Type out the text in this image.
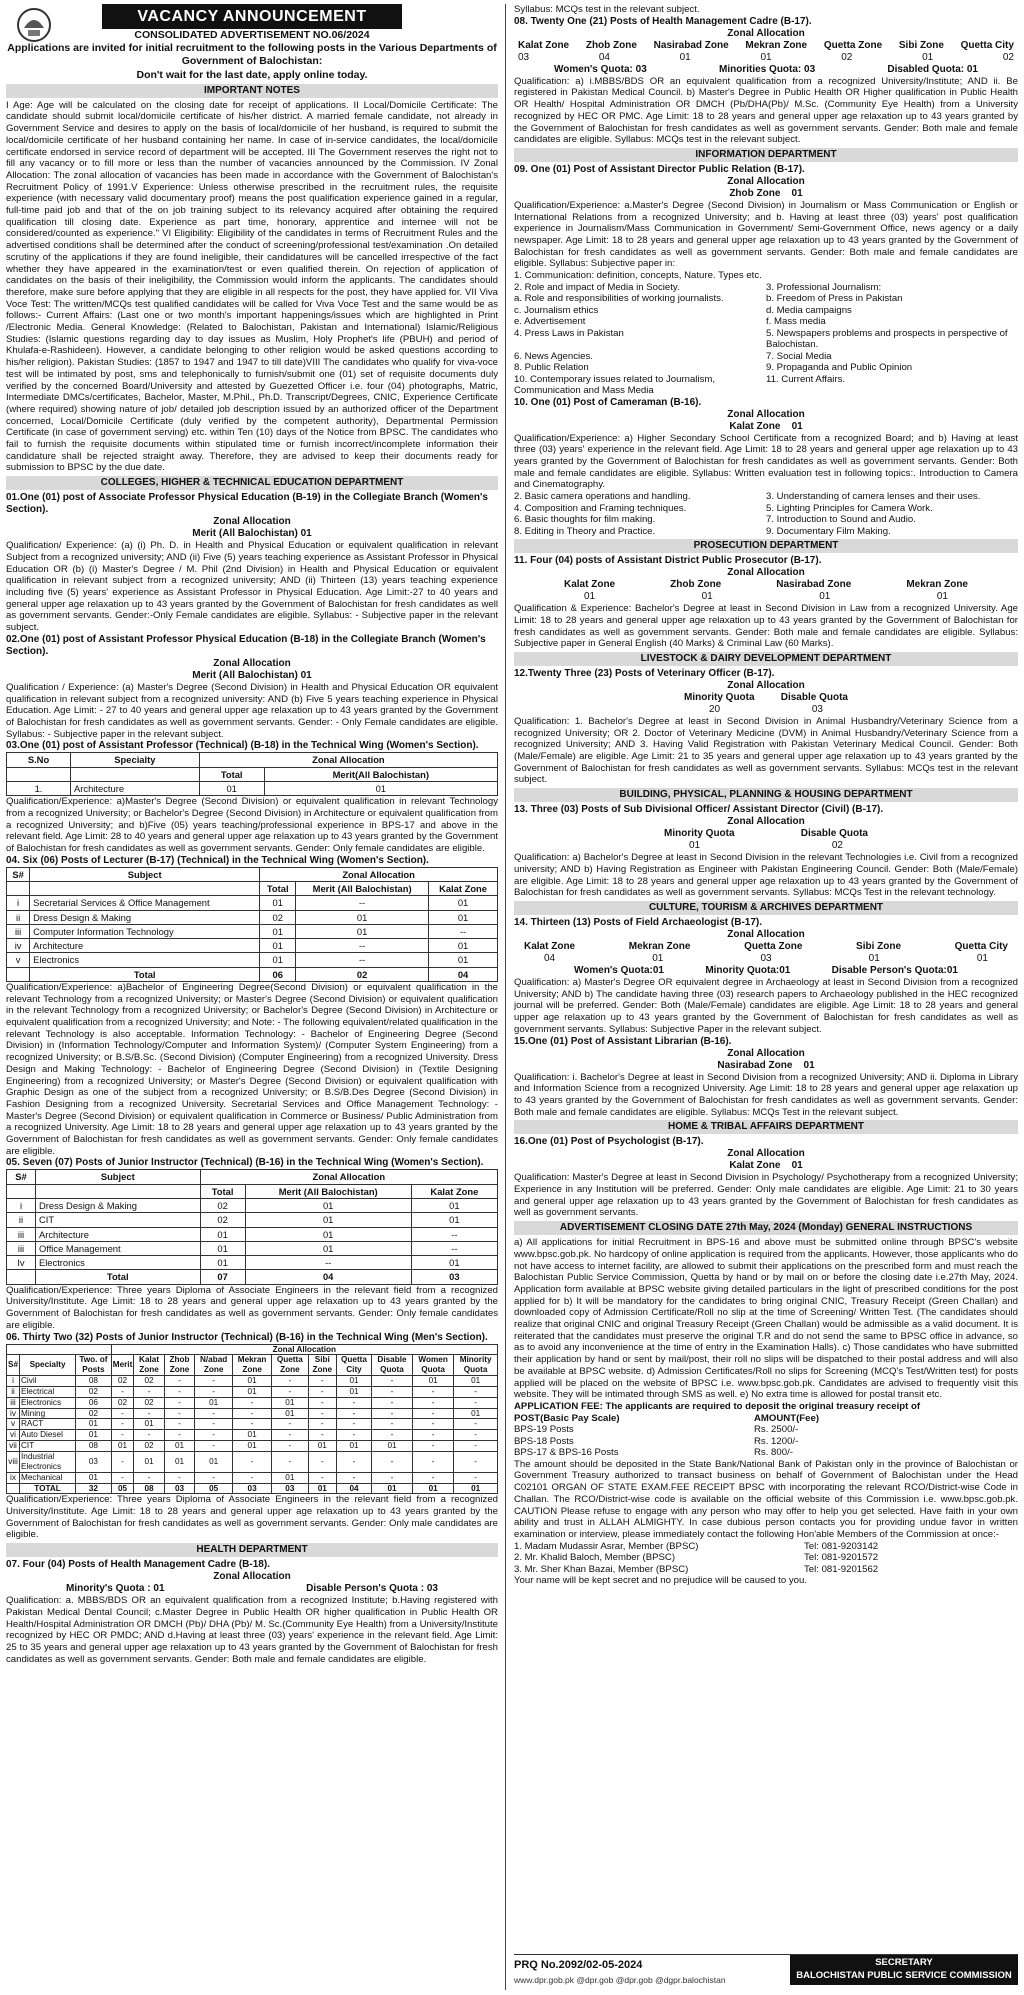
VACANCY ANNOUNCEMENT
CONSOLIDATED ADVERTISEMENT NO.06/2024
Applications are invited for initial recruitment to the following posts in the Various Departments of Government of Balochistan:
Don't wait for the last date, apply online today.
IMPORTANT NOTES

I Age: Age will be calculated on the closing date for receipt of applications. II Local/Domicile Certificate: The candidate should submit local/domicile certificate of his/her district. A married female candidate, not already in Government Service and desires to apply on the basis of local/domicile of her husband, is required to submit the local/domicile certificate of her husband containing her name. In case of in-service candidates, the local/domicile certificate endorsed in service record of department will be accepted. III The Government reserves the right not to fill any vacancy or to fill more or less than the number of vacancies announced by the Commission. IV Zonal Allocation: The zonal allocation of vacancies has been made in accordance with the Government of Balochistan's Recruitment Policy of 1991.V Experience: Unless otherwise prescribed in the recruitment rules, the requisite experience (with necessary valid documentary proof) means the post qualification experience gained in a regular, full-time paid job and that of the on job training subject to its relevancy acquired after obtaining the required qualification till closing date. Experience as part time, honorary, apprentice and internee will not be considered/counted as experience." VI Eligibility: Eligibility of the candidates in terms of Recruitment Rules and the advertised conditions shall be determined after the conduct of screening/professional test/examination .On detailed scrutiny of the applications if they are found ineligible, their candidatures will be cancelled irrespective of the fact whether they have appeared in the examination/test or even qualified therein. On rejection of application of candidates on the basis of their ineligibility, the Commission would inform the applicants. The candidates should therefore, make sure before applying that they are eligible in all respects for the post, they have applied for. VII Viva Voce Test: The written/MCQs test qualified candidates will be called for Viva Voce Test and the same would be as follows:- Current Affairs: (Last one or two month's important happenings/issues which are highlighted in Print /Electronic Media. General Knowledge: (Related to Balochistan, Pakistan and International) Islamic/Religious Studies: (Islamic questions regarding day to day issues as Muslim, Holy Prophet's life (PBUH) and period of Khulafa-e-Rashideen). However, a candidate belonging to other religion would be asked questions according to his/her religion). Pakistan Studies: (1857 to 1947 and 1947 to till date)VIII The candidates who qualify for viva-voce test will be intimated by post, sms and telephonically to furnish/submit one (01) set of requisite documents duly verified by the concerned Board/University and attested by Guezetted Officer i.e. four (04) photographs, Matric, Intermediate DMCs/certificates, Bachelor, Master, M.Phil., Ph.D. Transcript/Degrees, CNIC, Experience Certificate (where required) showing nature of job/ detailed job description issued by an authorized officer of the Department concerned, Local/Domicile Certificate (duly verified by the competent authority), Departmental Permission Certificate (in case of government serving) etc. within Ten (10) days of the Notice from BPSC. The candidates who fail to furnish the requisite documents within stipulated time or furnish incorrect/incomplete information their candidature shall be rejected straight away. Therefore, they are advised to keep their documents ready for submission to BPSC by the due date.

COLLEGES, HIGHER & TECHNICAL EDUCATION DEPARTMENT
01.One (01) post of Associate Professor Physical Education (B-19) in the Collegiate Branch (Women's Section).
Zonal Allocation
Merit (All Balochistan) 01

Qualification/ Experience: (a) (i) Ph. D. in Health and Physical Education or equivalent qualification in relevant Subject from a recognized university; AND (ii) Five (5) years teaching experience as Assistant Professor in Physical Education OR (b) (i) Master's Degree / M. Phil (2nd Division) in Health and Physical Education or equivalent qualification in relevant subject from a recognized university; AND (ii) Thirteen (13) years teaching experience including five (5) years' experience as Assistant Professor in Physical Education. Age Limit:-27 to 40 years and general upper age relaxation up to 43 years granted by the Government of Balochistan for fresh candidates as well as government servants. Gender:-Only Female candidates are eligible. Syllabus: - Subjective paper in the relevant subject.

02.One (01) post of Assistant Professor Physical Education (B-18) in the Collegiate Branch (Women's Section).
Zonal Allocation
Merit (All Balochistan) 01

Qualification / Experience: (a) Master's Degree (Second Division) in Health and Physical Education OR equivalent qualification in relevant subject from a recognized university: AND (b) Five 5 years teaching experience in Physical Education. Age Limit: - 27 to 40 years and general upper age relaxation up to 43 years granted by the Government of Balochistan for fresh candidates as well as government servants. Gender: - Only Female candidates are eligible. Syllabus: - Subjective paper in the relevant subject.

03.One (01) post of Assistant Professor (Technical) (B-18) in the Technical Wing (Women's Section).
S.No	Specialty	Zonal Allocation	
		Total	Merit(All Balochistan)
1.	Architecture	01	01

Qualification/Experience: a)Master's Degree (Second Division) or equivalent qualification in relevant Technology from a recognized University; or Bachelor's Degree (Second Division) in Architecture or equivalent qualification from a recognized University; and b)Five (05) years teaching/professional experience in BPS-17 and above in the relevant field. Age Limit: 28 to 40 years and general upper age relaxation up to 43 years granted by the Government of Balochistan for fresh candidates as well as government servants. Gender: Only female candidates are eligible.

04. Six (06) Posts of Lecturer (B-17) (Technical) in the Technical Wing (Women's Section).
S#	Subject	Zonal Allocation		
		Total	Merit (All Balochistan)	Kalat Zone
i	Secretarial Services & Office Management	01	--	01
ii	Dress Design & Making	02	01	01
iii	Computer Information Technology	01	01	--
iv	Architecture	01	--	01
v	Electronics	01	--	01
	Total	06	02	04

Qualification/Experience: a)Bachelor of Engineering Degree(Second Division) or equivalent qualification in the relevant Technology from a recognized University; or Master's Degree (Second Division) or equivalent qualification in the relevant Technology from a recognized University; or Bachelor's Degree (Second Division) in Architecture or equivalent qualification from a recognized University; and Note: - The following equivalent/related qualification in the relevant Technology is also acceptable. Information Technology: - Bachelor of Engineering Degree (Second Division) in (Information Technology/Computer and Information System)/ (Computer System Engineering) from a recognized University; or B.S/B.Sc. (Second Division) (Computer Engineering) from a recognized University. Dress Design and Making Technology: - Bachelor of Engineering Degree (Second Division) in (Textile Designing Engineering) from a recognized University; or Master's Degree (Second Division) or equivalent qualification with Graphic Design as one of the subject from a recognized University; or B.S/B.Des Degree (Second Division) in Fashion Designing from a recognized University. Secretarial Services and Office Management Technology: - Master's Degree (Second Division) or equivalent qualification in Commerce or Business/ Public Administration from a recognized University. Age Limit: 18 to 28 years and general upper age relaxation up to 43 years granted by the Government of Balochistan for fresh candidates as well as government servants. Gender: Only female candidates are eligible.

05. Seven (07) Posts of Junior Instructor (Technical) (B-16) in the Technical Wing (Women's Section).
S#	Subject	Zonal Allocation		
		Total	Merit (All Balochistan)	Kalat Zone
i	Dress Design & Making	02	01	01
ii	CIT	02	01	01
iii	Architecture	01	01	--
iii	Office Management	01	01	--
Iv	Electronics	01	--	01
	Total	07	04	03

Qualification/Experience: Three years Diploma of Associate Engineers in the relevant field from a recognized University/Institute. Age Limit: 18 to 28 years and general upper age relaxation up to 43 years granted by the Government of Balochistan for fresh candidates as well as government servants. Gender: Only female candidates are eligible.

06. Thirty Two (32) Posts of Junior Instructor (Technical) (B-16) in the Technical Wing (Men's Section).
			Zonal Allocation										
S#	Specialty	Two. of Posts	Merit	Kalat Zone	Zhob Zone	N/abad Zone	Mekran Zone	Quetta Zone	Sibi Zone	Quetta City	Disable Quota	Women Quota	Minority Quota
i	Civil	08	02	02	-	-	01	-	-	01	-	01	01
ii	Electrical	02	-	-	-	-	01	-	-	01	-	-	-
iii	Electronics	06	02	02	-	01	-	01	-	-	-	-	-
iv	Mining	02	-	-	-	-	-	01	-	-	-	-	01
v	RACT	01	-	01	-	-	-	-	-	-	-	-	-
vi	Auto Diesel	01	-	-	-	-	01	-	-	-	-	-	-
vii	CIT	08	01	02	01	-	01	-	01	01	01	-	-
viii	Industrial Electronics	03	-	01	01	01	-	-	-	-	-	-	-
ix	Mechanical	01	-	-	-	-	-	01	-	-	-	-	-
	TOTAL	32	05	08	03	05	03	03	01	04	01	01	01

Qualification/Experience: Three years Diploma of Associate Engineers in the relevant field from a recognized University/Institute. Age Limit: 18 to 28 years and general upper age relaxation up to 43 years granted by the Government of Balochistan for fresh candidates as well as government servants. Gender: Only male candidates are eligible.

HEALTH DEPARTMENT
07. Four (04) Posts of Health Management Cadre (B-18).
Zonal Allocation
Minority's Quota : 01	Disable Person's Quota : 03

Qualification: a. MBBS/BDS OR an equivalent qualification from a recognized Institute; b.Having registered with Pakistan Medical Dental Council; c.Master Degree in Public Health OR higher qualification in Public Health OR Health/Hospital Administration OR DMCH (Pb)/ DHA (Pb)/ M. Sc.(Community Eye Health) from a University/Institute recognized by HEC OR PMDC; AND d.Having at least three (03) years' experience in the relevant field. Age Limit: 25 to 35 years and general upper age relaxation up to 43 years granted by the Government of Balochistan for fresh candidates as well as government servants. Gender: Both male and female candidates are eligible.

Syllabus: MCQs test in the relevant subject.

08. Twenty One (21) Posts of Health Management Cadre (B-17).
Zonal Allocation
Kalat Zone Zhob Zone Nasirabad Zone Mekran Zone Quetta Zone Sibi Zone Quetta City
03	04	01	01	02	01	02
Women's Quota: 03	Minorities Quota: 03	Disabled Quota: 01

Qualification: a) i.MBBS/BDS OR an equivalent qualification from a recognized University/Institute; AND ii. Be registered in Pakistan Medical Council. b) Master's Degree in Public Health OR Higher qualification in Public Health OR Health/ Hospital Administration OR DMCH (Pb/DHA(Pb)/ M.Sc. (Community Eye Health) from a University recognized by HEC OR PMC. Age Limit: 18 to 28 years and general upper age relaxation up to 43 years granted by the Government of Balochistan for fresh candidates as well as government servants. Gender: Both male and female candidates are eligible. Syllabus: MCQs test in the relevant subject.

INFORMATION DEPARTMENT
09. One (01) Post of Assistant Director Public Relation (B-17).
Zonal Allocation
Zhob Zone 01

Qualification/Experience: a.Master's Degree (Second Division) in Journalism or Mass Communication or English or International Relations from a recognized University; and b. Having at least three (03) years' post qualification experience in Journalism/Mass Communication in Government/ Semi-Government Office, news agency or a daily newspaper. Age Limit: 18 to 28 years and general upper age relaxation up to 43 years granted by the Government of Balochistan for fresh candidates as well as government servants. Gender: Both male and female candidates are eligible. Syllabus: Subjective paper in:

1. Communication: definition, concepts, Nature. Types etc.
2. Role and impact of Media in Society.	3. Professional Journalism:
a. Role and responsibilities of working journalists.	b. Freedom of Press in Pakistan
c. Journalism ethics	d. Media campaigns
e. Advertisement	f. Mass media
4. Press Laws in Pakistan	5. Newspapers problems and prospects in perspective of Balochistan.
6. News Agencies.	7. Social Media
8. Public Relation	9. Propaganda and Public Opinion
10. Contemporary issues related to Journalism, Communication and Mass Media
11. Current Affairs.
10. One (01) Post of Cameraman (B-16).
Zonal Allocation
Kalat Zone 01

Qualification/Experience: a) Higher Secondary School Certificate from a recognized Board; and b) Having at least three (03) years' experience in the relevant field. Age Limit: 18 to 28 years and general upper age relaxation up to 43 years granted by the Government of Balochistan for fresh candidates as well as government servants. Gender: Both male and female candidates are eligible. Syllabus: Written evaluation test in following topics:. Introduction to Camera and Cinematography.

2. Basic camera operations and handling.	3. Understanding of camera lenses and their uses.
4. Composition and Framing techniques.	5. Lighting Principles for Camera Work.
6. Basic thoughts for film making.	7. Introduction to Sound and Audio.
8. Editing in Theory and Practice.	9. Documentary Film Making.
PROSECUTION DEPARTMENT
11. Four (04) posts of Assistant District Public Prosecutor (B-17).
Zonal Allocation
Kalat Zone	Zhob Zone	Nasirabad Zone	Mekran Zone
01	01	01	01

Qualification & Experience: Bachelor's Degree at least in Second Division in Law from a recognized University. Age Limit: 18 to 28 years and general upper age relaxation up to 43 years granted by the Government of Balochistan for fresh candidates as well as government servants. Gender: Both male and female candidates are eligible. Syllabus: Subjective paper in General English (40 Marks) & Criminal Law (60 Marks).

LIVESTOCK & DAIRY DEVELOPMENT DEPARTMENT
12.Twenty Three (23) Posts of Veterinary Officer (B-17).
Zonal Allocation
Minority Quota	Disable Quota
20	03

Qualification: 1. Bachelor's Degree at least in Second Division in Animal Husbandry/Veterinary Science from a recognized University; OR 2. Doctor of Veterinary Medicine (DVM) in Animal Husbandry/Veterinary Science from a recognized University; AND 3. Having Valid Registration with Pakistan Veterinary Medical Council. Gender: Both (Male/Female) are eligible. Age Limit: 21 to 35 years and general upper age relaxation up to 43 years granted by the Government of Balochistan for fresh candidates as well as government servants. Syllabus: MCQs test in the relevant subject.

BUILDING, PHYSICAL, PLANNING & HOUSING DEPARTMENT
13. Three (03) Posts of Sub Divisional Officer/ Assistant Director (Civil) (B-17).
Zonal Allocation
Minority Quota	Disable Quota
01	02

Qualification: a) Bachelor's Degree at least in Second Division in the relevant Technologies i.e. Civil from a recognized university; AND b) Having Registration as Engineer with Pakistan Engineering Council. Gender: Both (Male/Female) are eligible. Age Limit: 18 to 28 years and general upper age relaxation up to 43 years granted by the Government of Balochistan for fresh candidates as well as government servants. Syllabus: MCQs Test in the relevant technology.

CULTURE, TOURISM & ARCHIVES DEPARTMENT
14. Thirteen (13) Posts of Field Archaeologist (B-17).
Zonal Allocation
Kalat Zone	Mekran Zone	Quetta Zone	Sibi Zone	Quetta City
04	01	03	01	01
Women's Quota:01	Minority Quota:01	Disable Person's Quota:01

Qualification: a) Master's Degree OR equivalent degree in Archaeology at least in Second Division from a recognized University; AND b) The candidate having three (03) research papers to Archaeology published in the HEC recognized journal will be preferred. Gender: Both (Male/Female) candidates are eligible. Age Limit: 18 to 28 years and general upper age relaxation up to 43 years granted by the Government of Balochistan for fresh candidates as well as government servants. Syllabus: Subjective Paper in the relevant subject.

15.One (01) Post of Assistant Librarian (B-16).
Zonal Allocation
Nasirabad Zone 01

Qualification: i. Bachelor's Degree at least in Second Division from a recognized University; AND ii. Diploma in Library and Information Science from a recognized University. Age Limit: 18 to 28 years and general upper age relaxation up to 43 years granted by the Government of Balochistan for fresh candidates as well as government servants. Gender: Both male and female candidates are eligible. Syllabus: MCQs Test in the relevant subject.

HOME & TRIBAL AFFAIRS DEPARTMENT
16.One (01) Post of Psychologist (B-17).
Zonal Allocation
Kalat Zone 01

Qualification: Master's Degree at least in Second Division in Psychology/ Psychotherapy from a recognized University; Experience in any Institution will be preferred. Gender: Only male candidates are eligible. Age Limit: 21 to 30 years and general upper age relaxation up to 43 years granted by the Government of Balochistan for fresh candidates as well as government servants.

ADVERTISEMENT CLOSING DATE 27th May, 2024 (Monday) GENERAL INSTRUCTIONS

a) All applications for initial Recruitment in BPS-16 and above must be submitted online through BPSC's website www.bpsc.gob.pk. No hardcopy of online application is required from the applicants. However, those applicants who do not have access to internet facility, are allowed to submit their applications on the prescribed form and must reach the Balochistan Public Service Commission, Quetta by hand or by mail on or before the closing date i.e.27th May, 2024. Application form available at BPSC website giving detailed particulars in the light of prescribed conditions for the post applied for b) It will be mandatory for the candidates to bring original CNIC, Treasury Receipt (Green Challan) and downloaded copy of Admission Certificate/Roll no slip at the time of Screening/ Written Test. (The candidates should realize that original CNIC and original Treasury Receipt (Green Challan) would be admissible as a valid document. It is reiterated that the candidates must preserve the original T.R and do not send the same to BPSC office in advance, so as to avoid any inconvenience at the time of entry in the Examination Halls). c) Those candidates who have submitted their application by hand or sent by mail/post, their roll no slips will be dispatched to their postal address and will also be available at BPSC website. d) Admission Certificates/Roll no slips for Screening (MCQ's Test/Written test) for posts applied will be placed on the website of BPSC i.e. www.bpsc.gob.pk. Candidates are advised to frequently visit this website. They will be intimated through SMS as well. e) No extra time is allowed for postal transit etc.

APPLICATION FEE: The applicants are required to deposit the original treasury receipt of

POST(Basic Pay Scale)	AMOUNT(Fee)
BPS-19 Posts	Rs. 2500/-
BPS-18 Posts	Rs. 1200/-
BPS-17 & BPS-16 Posts	Rs. 800/-

The amount should be deposited in the State Bank/National Bank of Pakistan only in the province of Balochistan or Government Treasury authorized to transact business on behalf of Government of Balochistan under the Head C02101 ORGAN OF STATE EXAM.FEE RECEIPT BPSC with incorporating the relevant RCO/District-wise Code in Challan. The RCO/District-wise code is available on the official website of this Commission i.e. www.bpsc.gob.pk. CAUTION Please refuse to engage with any person who may offer to help you get selected. Have faith in your own ability and trust in ALLAH ALMIGHTY. In case dubious person contacts you for providing undue favor in written examination or interview, please immediately contact the following Hon'able Members of the Commission at once:-

1. Madam Mudassir Asrar, Member (BPSC)	Tel: 081-9203142
2. Mr. Khalid Baloch, Member (BPSC)	Tel: 081-9201572
3. Mr. Sher Khan Bazai, Member (BPSC)	Tel: 081-9201562

Your name will be kept secret and no prejudice will be caused to you.

PRQ No.2092/02-05-2024
www.dpr.gob.pk @dpr.gob @dpr.gob @dgpr.balochistan
SECRETARY
BALOCHISTAN PUBLIC SERVICE COMMISSION
